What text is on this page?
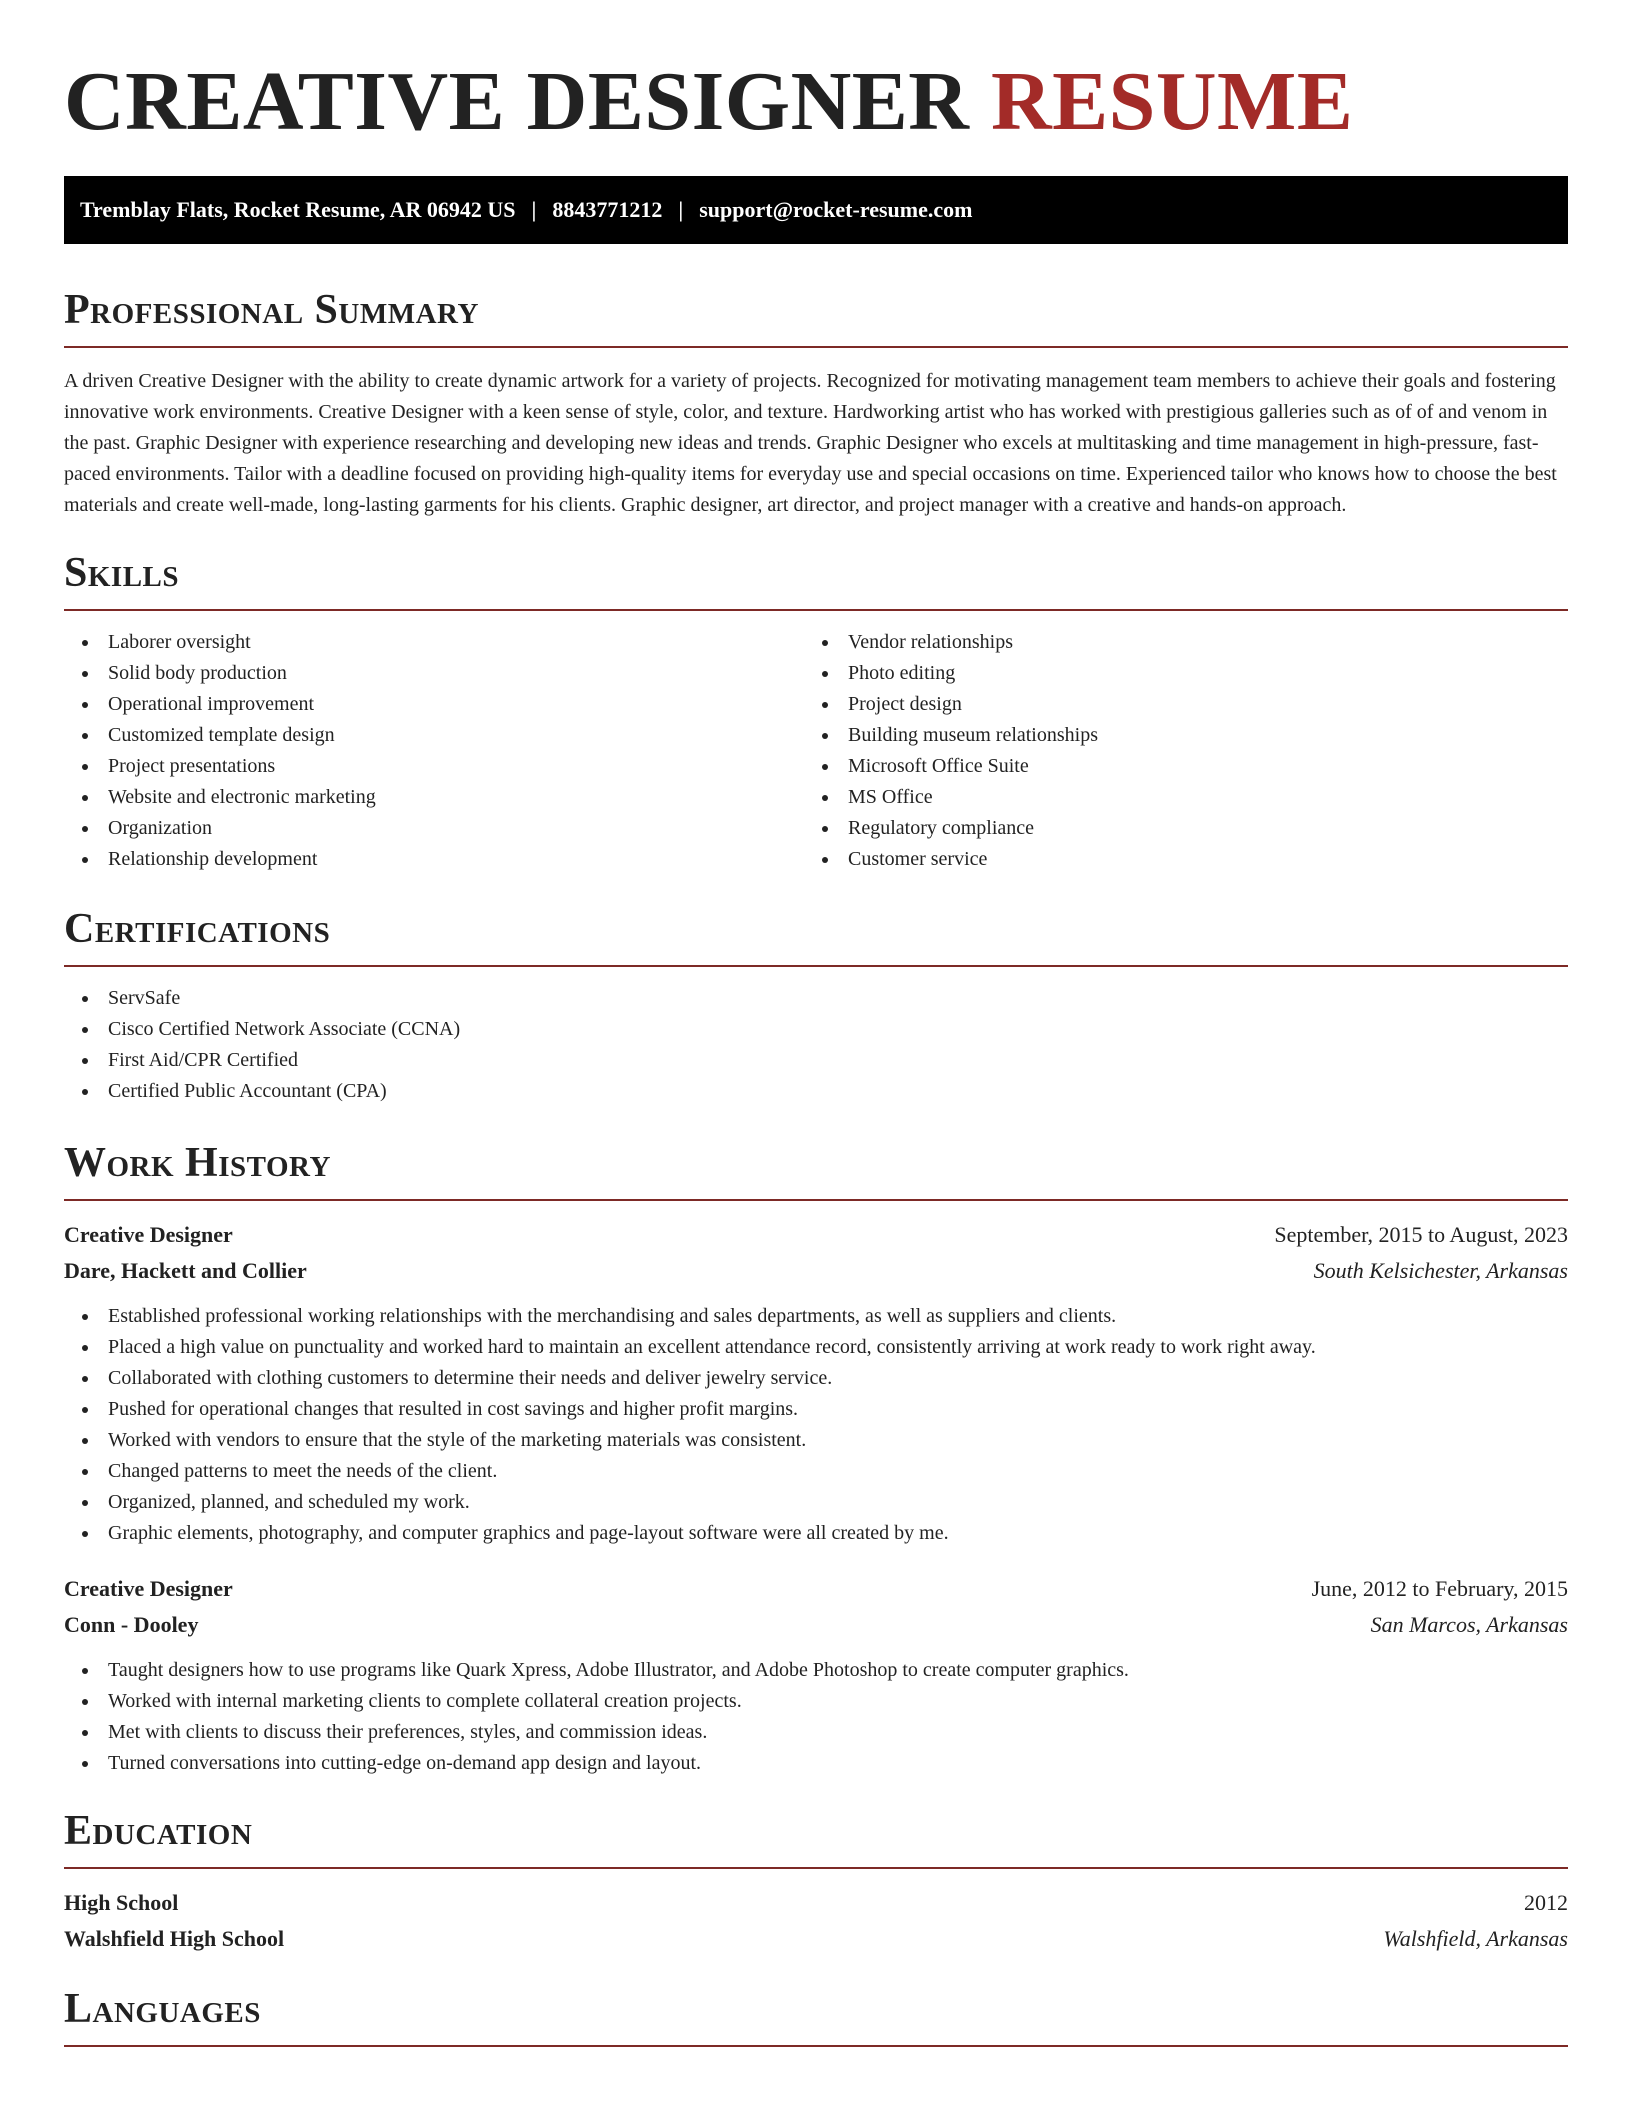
CREATIVE DESIGNER RESUME
Tremblay Flats, Rocket Resume, AR 06942 US | 8843771212 | support@rocket-resume.com
Professional Summary

A driven Creative Designer with the ability to create dynamic artwork for a variety of projects. Recognized for motivating management team members to achieve their goals and fostering innovative work environments. Creative Designer with a keen sense of style, color, and texture. Hardworking artist who has worked with prestigious galleries such as of of and venom in the past. Graphic Designer with experience researching and developing new ideas and trends. Graphic Designer who excels at multitasking and time management in high-pressure, fast-paced environments. Tailor with a deadline focused on providing high-quality items for everyday use and special occasions on time. Experienced tailor who knows how to choose the best materials and create well-made, long-lasting garments for his clients. Graphic designer, art director, and project manager with a creative and hands-on approach.

Skills
Laborer oversight
Solid body production
Operational improvement
Customized template design
Project presentations
Website and electronic marketing
Organization
Relationship development
Vendor relationships
Photo editing
Project design
Building museum relationships
Microsoft Office Suite
MS Office
Regulatory compliance
Customer service
Certifications
ServSafe
Cisco Certified Network Associate (CCNA)
First Aid/CPR Certified
Certified Public Accountant (CPA)
Work History
Creative Designer	September, 2015 to August, 2023
Dare, Hackett and Collier	South Kelsichester, Arkansas
Established professional working relationships with the merchandising and sales departments, as well as suppliers and clients.
Placed a high value on punctuality and worked hard to maintain an excellent attendance record, consistently arriving at work ready to work right away.
Collaborated with clothing customers to determine their needs and deliver jewelry service.
Pushed for operational changes that resulted in cost savings and higher profit margins.
Worked with vendors to ensure that the style of the marketing materials was consistent.
Changed patterns to meet the needs of the client.
Organized, planned, and scheduled my work.
Graphic elements, photography, and computer graphics and page-layout software were all created by me.
Creative Designer	June, 2012 to February, 2015
Conn - Dooley	San Marcos, Arkansas
Taught designers how to use programs like Quark Xpress, Adobe Illustrator, and Adobe Photoshop to create computer graphics.
Worked with internal marketing clients to complete collateral creation projects.
Met with clients to discuss their preferences, styles, and commission ideas.
Turned conversations into cutting-edge on-demand app design and layout.
Education
High School	2012
Walshfield High School	Walshfield, Arkansas
Languages
